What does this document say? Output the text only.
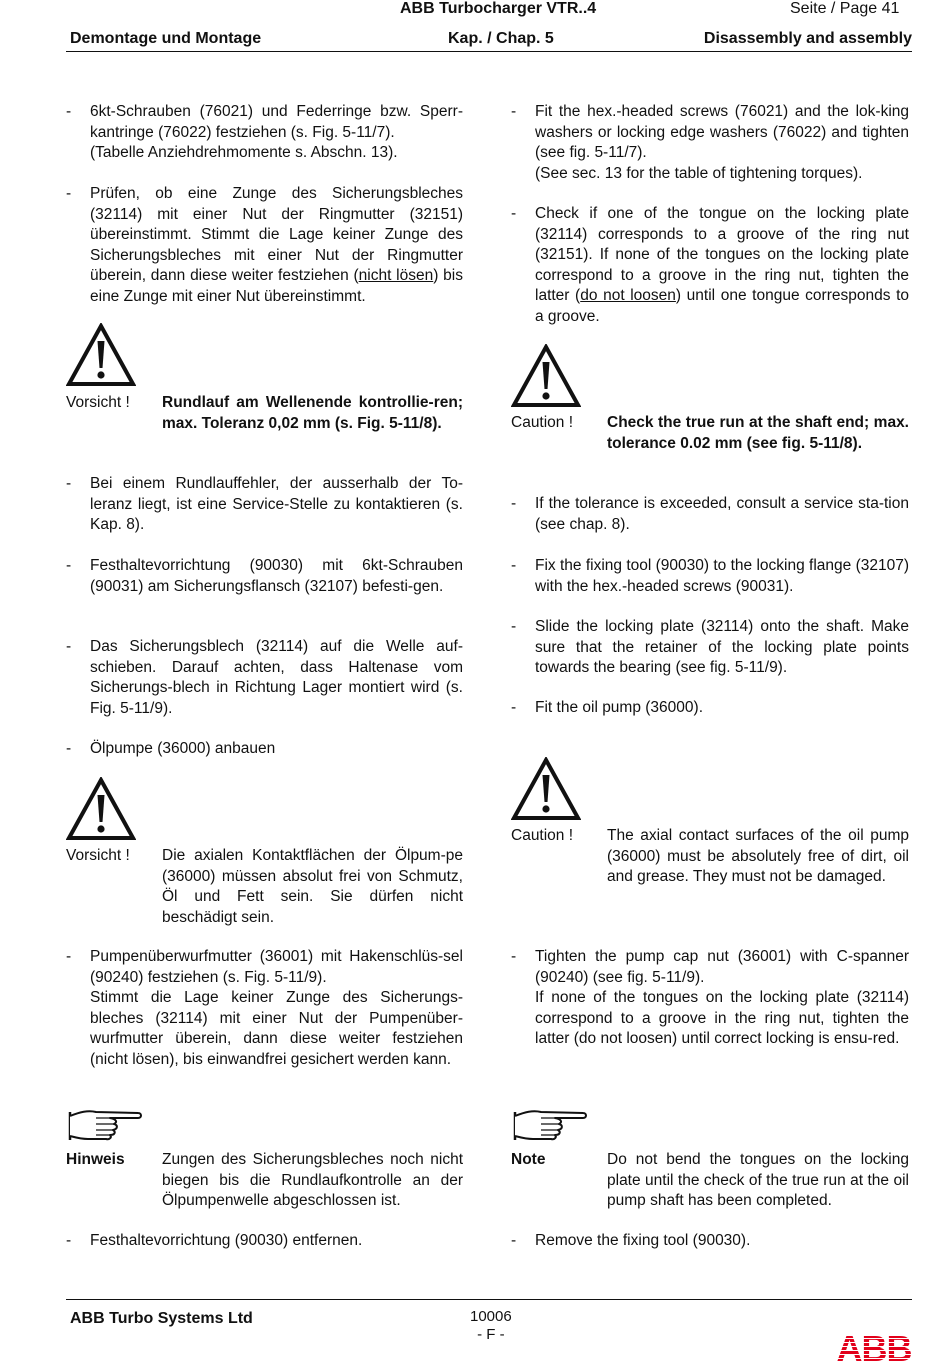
ABB Turbocharger VTR..4	Seite / Page 41
Demontage und Montage	Kap. / Chap. 5	Disassembly and assembly
- 6kt-Schrauben (76021) und Federringe bzw. Sperr-kantringe (76022) festziehen (s. Fig. 5-11/7).

(Tabelle Anziehdrehmomente s. Abschn. 13).

- Prüfen, ob eine Zunge des Sicherungsbleches (32114) mit einer Nut der Ringmutter (32151) übereinstimmt. Stimmt die Lage keiner Zunge des Sicherungsbleches mit einer Nut der Ringmutter überein, dann diese weiter festziehen (nicht lösen) bis eine Zunge mit einer Nut übereinstimmt.
Vorsicht ! Rundlauf am Wellenende kontrollie-ren; max. Toleranz 0,02 mm (s. Fig. 5-11/8).
- Bei einem Rundlauffehler, der ausserhalb der To-leranz liegt, ist eine Service-Stelle zu kontaktieren (s. Kap. 8).
- Festhaltevorrichtung (90030) mit 6kt-Schrauben (90031) am Sicherungsflansch (32107) befesti-gen.
- Das Sicherungsblech (32114) auf die Welle auf-schieben. Darauf achten, dass Haltenase vom Sicherungs-blech in Richtung Lager montiert wird (s. Fig. 5-11/9).
- Ölpumpe (36000) anbauen
Vorsicht ! Die axialen Kontaktflächen der Ölpum-pe (36000) müssen absolut frei von Schmutz, Öl und Fett sein. Sie dürfen nicht beschädigt sein.
- Pumpenüberwurfmutter (36001) mit Hakenschlüs-sel (90240) festziehen (s. Fig. 5-11/9).

Stimmt die Lage keiner Zunge des Sicherungs-bleches (32114) mit einer Nut der Pumpenüber-wurfmutter überein, dann diese weiter festziehen (nicht lösen), bis einwandfrei gesichert werden kann.

Hinweis Zungen des Sicherungsbleches noch nicht biegen bis die Rundlaufkontrolle an der Ölpumpenwelle abgeschlossen ist.
- Festhaltevorrichtung (90030) entfernen.
- Fit the hex.-headed screws (76021) and the lok-king washers or locking edge washers (76022) and tighten (see fig. 5-11/7).

(See sec. 13 for the table of tightening torques).

- Check if one of the tongue on the locking plate (32114) corresponds to a groove of the ring nut (32151). If none of the tongues on the locking plate correspond to a groove in the ring nut, tighten the latter (do not loosen) until one tongue corresponds to a groove.
Caution ! Check the true run at the shaft end; max. tolerance 0.02 mm (see fig. 5-11/8).
- If the tolerance is exceeded, consult a service sta-tion (see chap. 8).
- Fix the fixing tool (90030) to the locking flange (32107) with the hex.-headed screws (90031).
- Slide the locking plate (32114) onto the shaft. Make sure that the retainer of the locking plate points towards the bearing (see fig. 5-11/9).
- Fit the oil pump (36000).
Caution ! The axial contact surfaces of the oil pump (36000) must be absolutely free of dirt, oil and grease. They must not be damaged.
- Tighten the pump cap nut (36001) with C-spanner (90240) (see fig. 5-11/9).

If none of the tongues on the locking plate (32114) correspond to a groove in the ring nut, tighten the latter (do not loosen) until correct locking is ensu-red.

Note	Do not bend the tongues on the locking plate until the check of the true run at the oil pump shaft has been completed.
- Remove the fixing tool (90030).
ABB Turbo Systems Ltd	10006
- F -	ABB
